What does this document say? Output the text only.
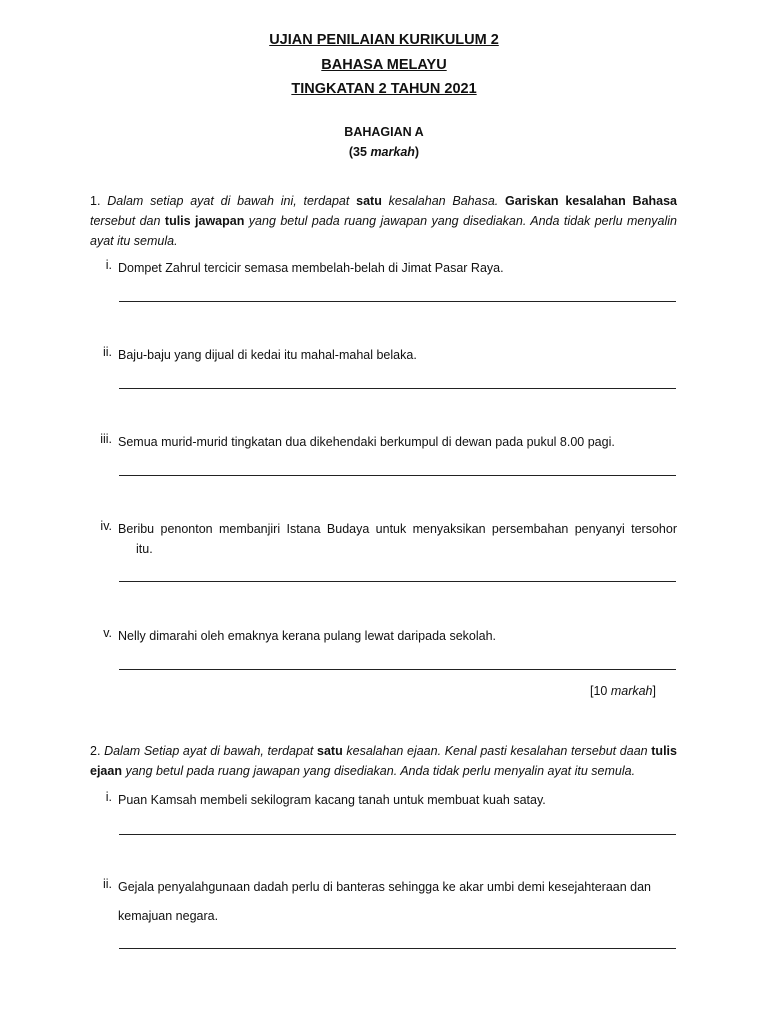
UJIAN PENILAIAN KURIKULUM 2
BAHASA MELAYU
TINGKATAN 2 TAHUN 2021
BAHAGIAN A
(35 markah)
1. Dalam setiap ayat di bawah ini, terdapat satu kesalahan Bahasa. Gariskan kesalahan Bahasa tersebut dan tulis jawapan yang betul pada ruang jawapan yang disediakan. Anda tidak perlu menyalin ayat itu semula.
i. Dompet Zahrul tercicir semasa membelah-belah di Jimat Pasar Raya.
ii. Baju-baju yang dijual di kedai itu mahal-mahal belaka.
iii. Semua murid-murid tingkatan dua dikehendaki berkumpul di dewan pada pukul 8.00 pagi.
iv. Beribu penonton membanjiri Istana Budaya untuk menyaksikan persembahan penyanyi tersohor
itu.
v. Nelly dimarahi oleh emaknya kerana pulang lewat daripada sekolah.
[10 markah]
2. Dalam Setiap ayat di bawah, terdapat satu kesalahan ejaan. Kenal pasti kesalahan tersebut daan tulis ejaan yang betul pada ruang jawapan yang disediakan. Anda tidak perlu menyalin ayat itu semula.
i. Puan Kamsah membeli sekilogram kacang tanah untuk membuat kuah satay.
ii. Gejala penyalahgunaan dadah perlu di banteras sehingga ke akar umbi demi kesejahteraan dan
kemajuan negara.
